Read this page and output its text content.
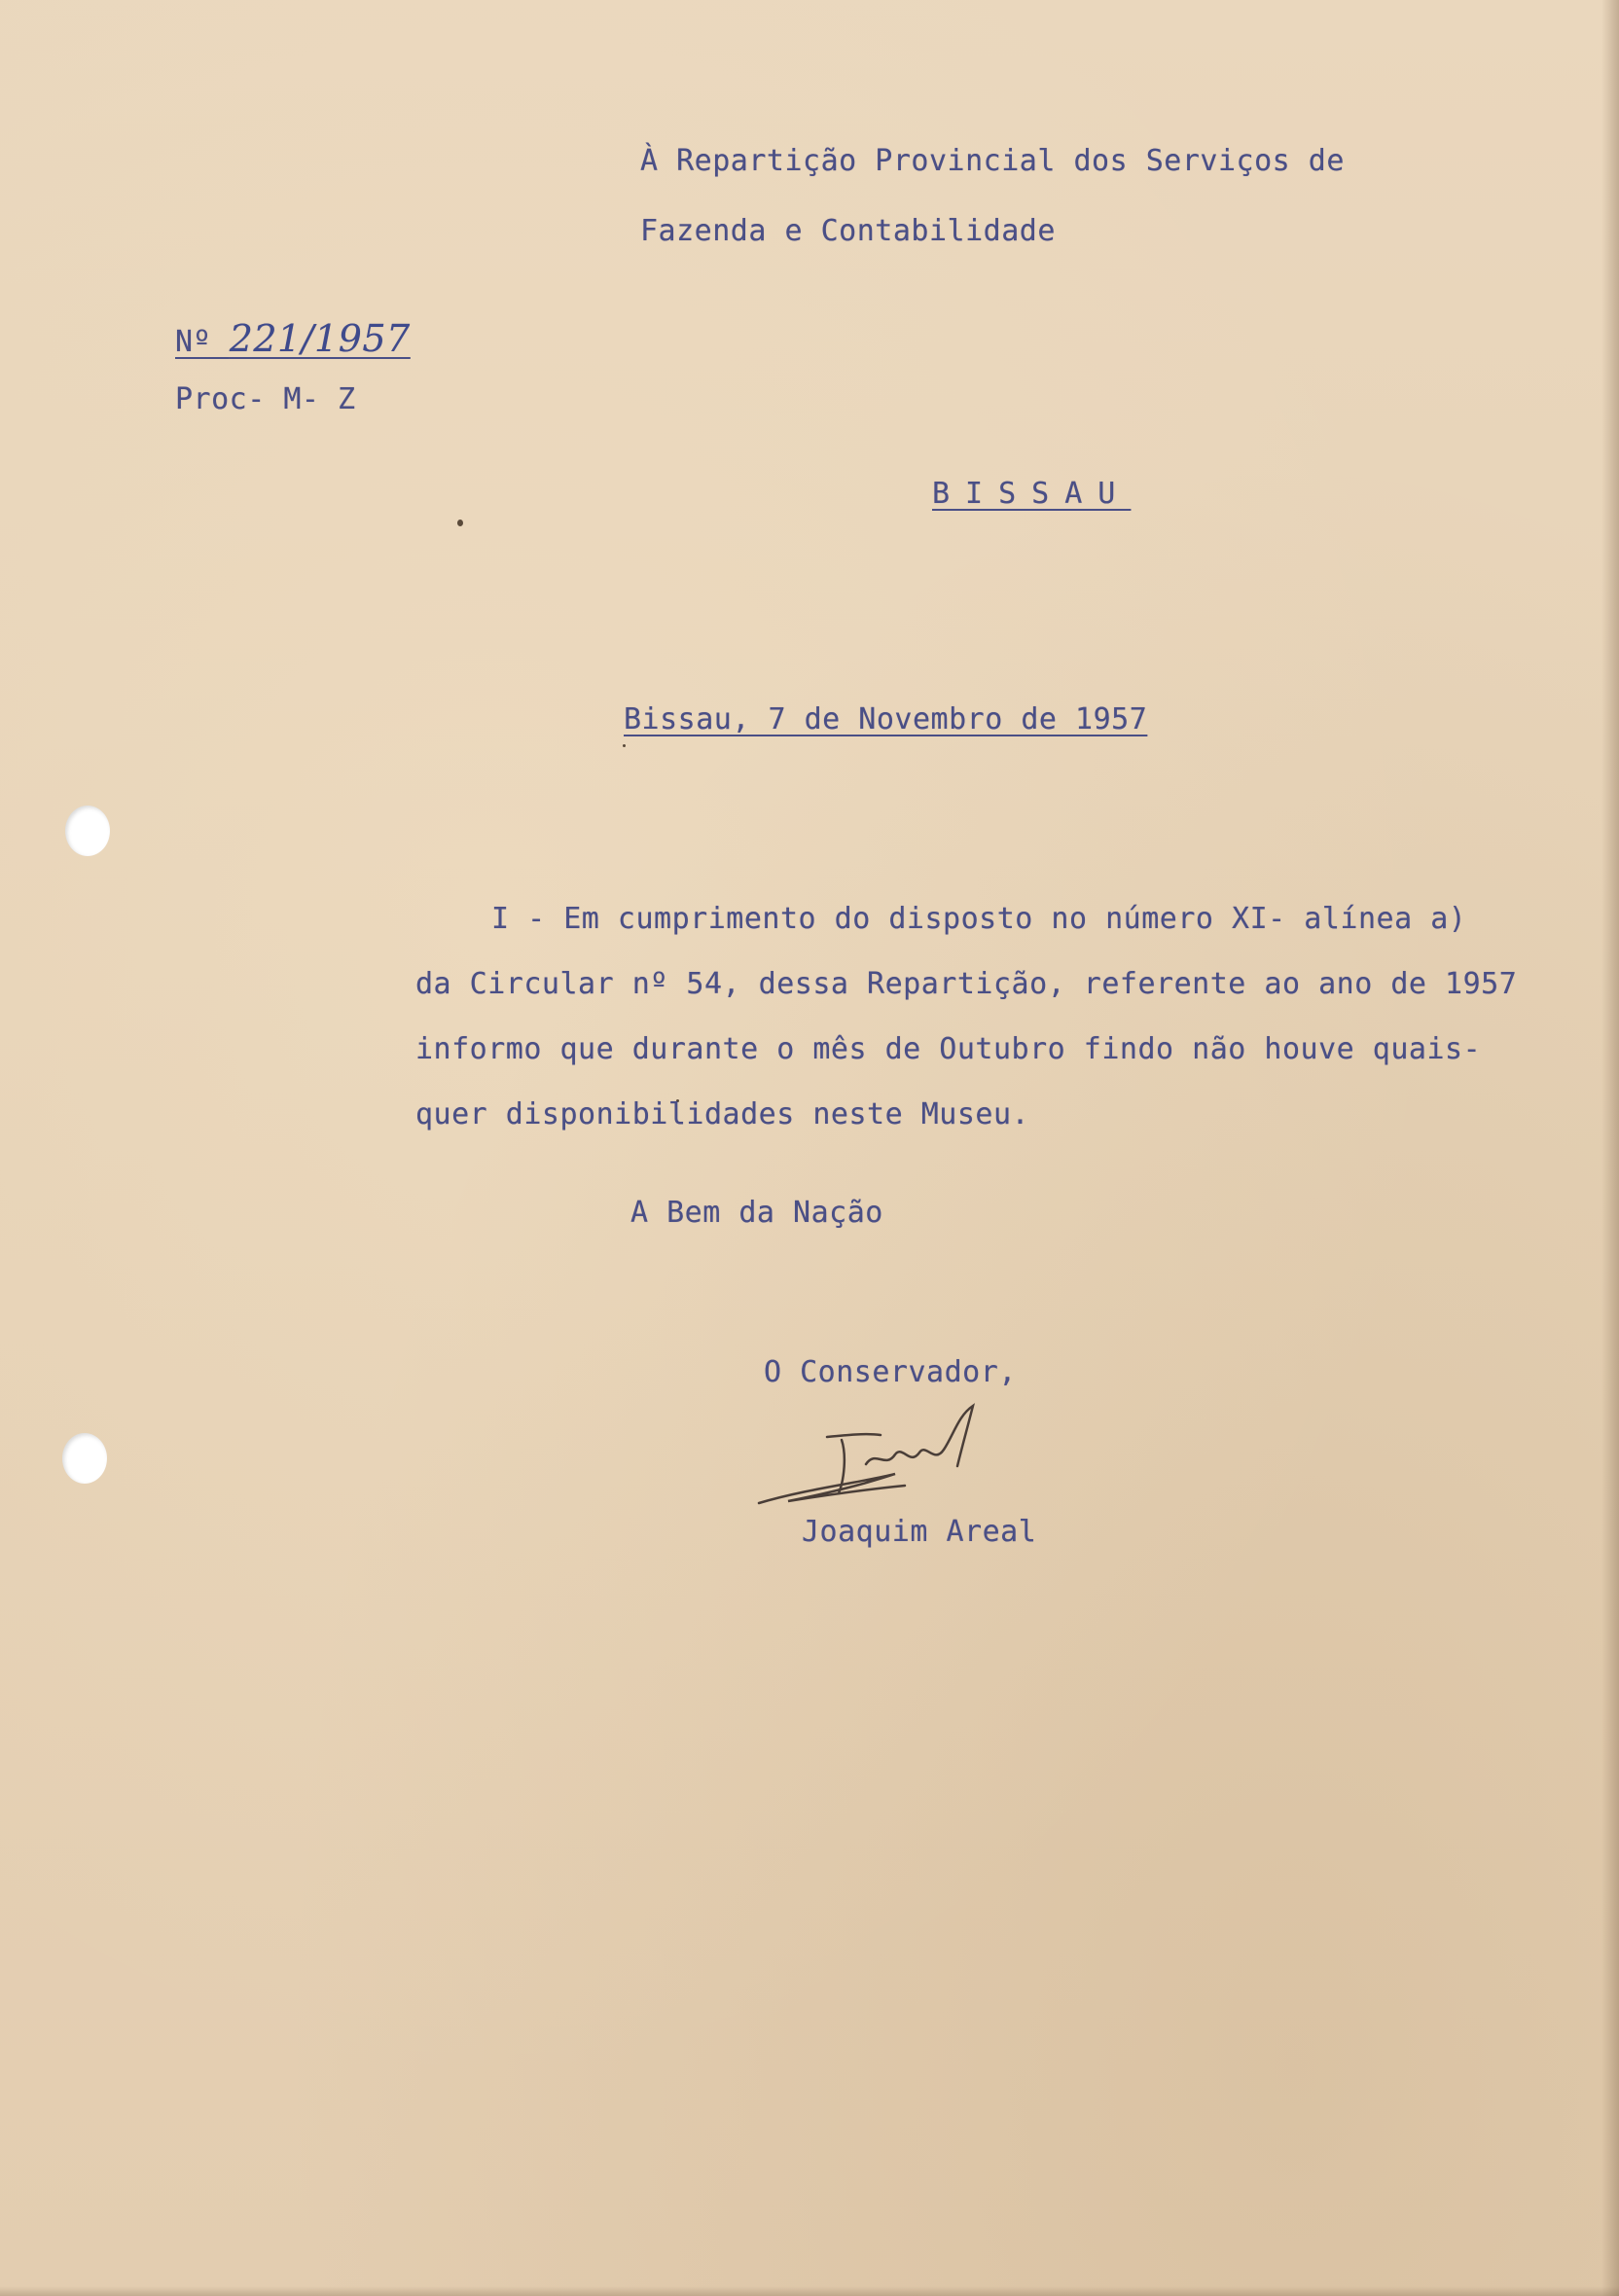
À Repartição Provincial dos Serviços de
Fazenda e Contabilidade
Nº 221/1957
Proc- M- Z
BISSAU
Bissau, 7 de Novembro de 1957
I - Em cumprimento do disposto no número XI- alínea a)
da Circular nº 54, dessa Repartição, referente ao ano de 1957
informo que durante o mês de Outubro findo não houve quais-
quer disponibilidades neste Museu.
A Bem da Nação
O Conservador,
Joaquim Areal
